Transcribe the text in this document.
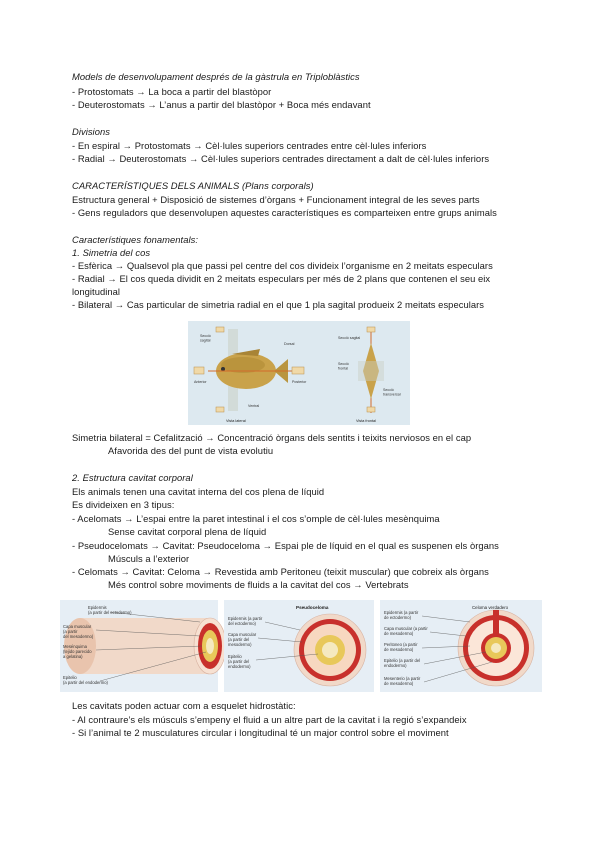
Models de desenvolupament després de la gàstrula en Triploblàstics
- Protostomats → La boca a partir del blastòpor
- Deuterostomats → L’anus a partir del blastòpor + Boca més endavant
Divisions
- En espiral → Protostomats → Cèl·lules superiors centrades entre cèl·lules inferiors
- Radial → Deuterostomats → Cèl·lules superiors centrades directament a dalt de cèl·lules inferiors
CARACTERÍSTIQUES DELS ANIMALS (Plans corporals)
Estructura general + Disposició de sistemes d’òrgans + Funcionament integral de les seves parts
- Gens reguladors que desenvolupen aquestes característiques es comparteixen entre grups animals
Característiques fonamentals:
1. Simetria del cos
- Esfèrica → Qualsevol pla que passi pel centre del cos divideix l’organisme en 2 meitats especulars
- Radial → El cos queda dividit en 2 meitats especulars per més de 2 plans que contenen el seu eix
longitudinal
- Bilateral → Cas particular de simetria radial en el que 1 pla sagital produeix 2 meitats especulars
Secció sagital
Dorsal
Anterior	Posterior
Ventral
Vista lateral
Secció sagital
Secció frontal
Secció transversal
Vista frontal
Simetria bilateral = Cefalització → Concentració òrgans dels sentits i teixits nerviosos en el cap
Afavorida des del punt de vista evolutiu
2. Estructura cavitat corporal
Els animals tenen una cavitat interna del cos plena de líquid
Es divideixen en 3 tipus:
- Acelomats → L’espai entre la paret intestinal i el cos s’omple de cèl·lules mesènquima
Sense cavitat corporal plena de líquid
- Pseudocelomats → Cavitat: Pseudoceloma → Espai ple de líquid en el qual es suspenen els òrgans
Músculs a l’exterior
- Celomats → Cavitat: Celoma → Revestida amb Peritoneu (teixit muscular) que cobreix als òrgans
Més control sobre moviments de fluids a la cavitat del cos → Vertebrats
Epidermis
(a partir del ectodermo)
Capa muscular
(a partir
del mesodermo)
Mesénquima
(tejido parecido
a gelatina)
Epitelio
(a partir del endodermo)
Pseudoceloma
Epidermis (a partir
del ectodermo)
Capa muscular
(a partir del
mesodermo)
Epitelio
(a partir del
endodermo)
Celoma verdadero
Epidermis (a partir
de ectodermo)
Capa muscular (a partir
de mesodermo)
Peritoneo (a partir
de mesodermo)
Epitelio (a partir del
endodermo)
Mesenterio (a partir
de mesodermo)
Les cavitats poden actuar com a esquelet hidrostàtic:
- Al contraure’s els músculs s’empeny el fluid a un altre part de la cavitat i la regió s’expandeix
- Si l’animal te 2 musculatures circular i longitudinal té un major control sobre el moviment
